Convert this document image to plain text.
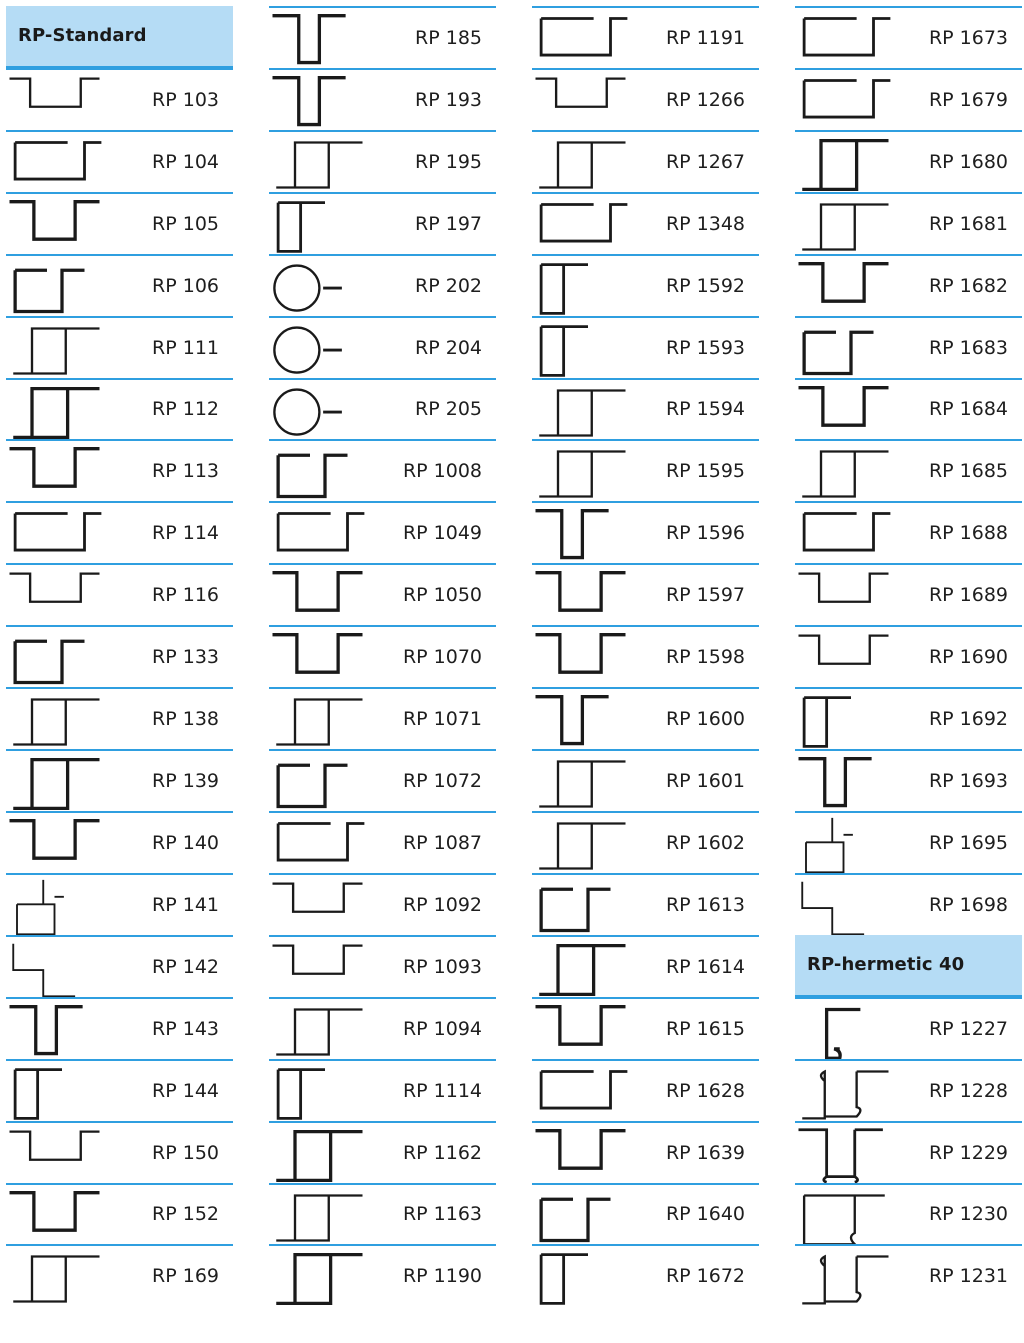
RP-Standard
RP 103
RP 104
RP 105
RP 106
RP 111
RP 112
RP 113
RP 114
RP 116
RP 133
RP 138
RP 139
RP 140
RP 141
RP 142
RP 143
RP 144
RP 150
RP 152
RP 169
RP 185
RP 193
RP 195
RP 197
RP 202
RP 204
RP 205
RP 1008
RP 1049
RP 1050
RP 1070
RP 1071
RP 1072
RP 1087
RP 1092
RP 1093
RP 1094
RP 1114
RP 1162
RP 1163
RP 1190
RP 1191
RP 1266
RP 1267
RP 1348
RP 1592
RP 1593
RP 1594
RP 1595
RP 1596
RP 1597
RP 1598
RP 1600
RP 1601
RP 1602
RP 1613
RP 1614
RP 1615
RP 1628
RP 1639
RP 1640
RP 1672
RP 1673
RP 1679
RP 1680
RP 1681
RP 1682
RP 1683
RP 1684
RP 1685
RP 1688
RP 1689
RP 1690
RP 1692
RP 1693
RP 1695
RP 1698
RP-hermetic 40
RP 1227
RP 1228
RP 1229
RP 1230
RP 1231
